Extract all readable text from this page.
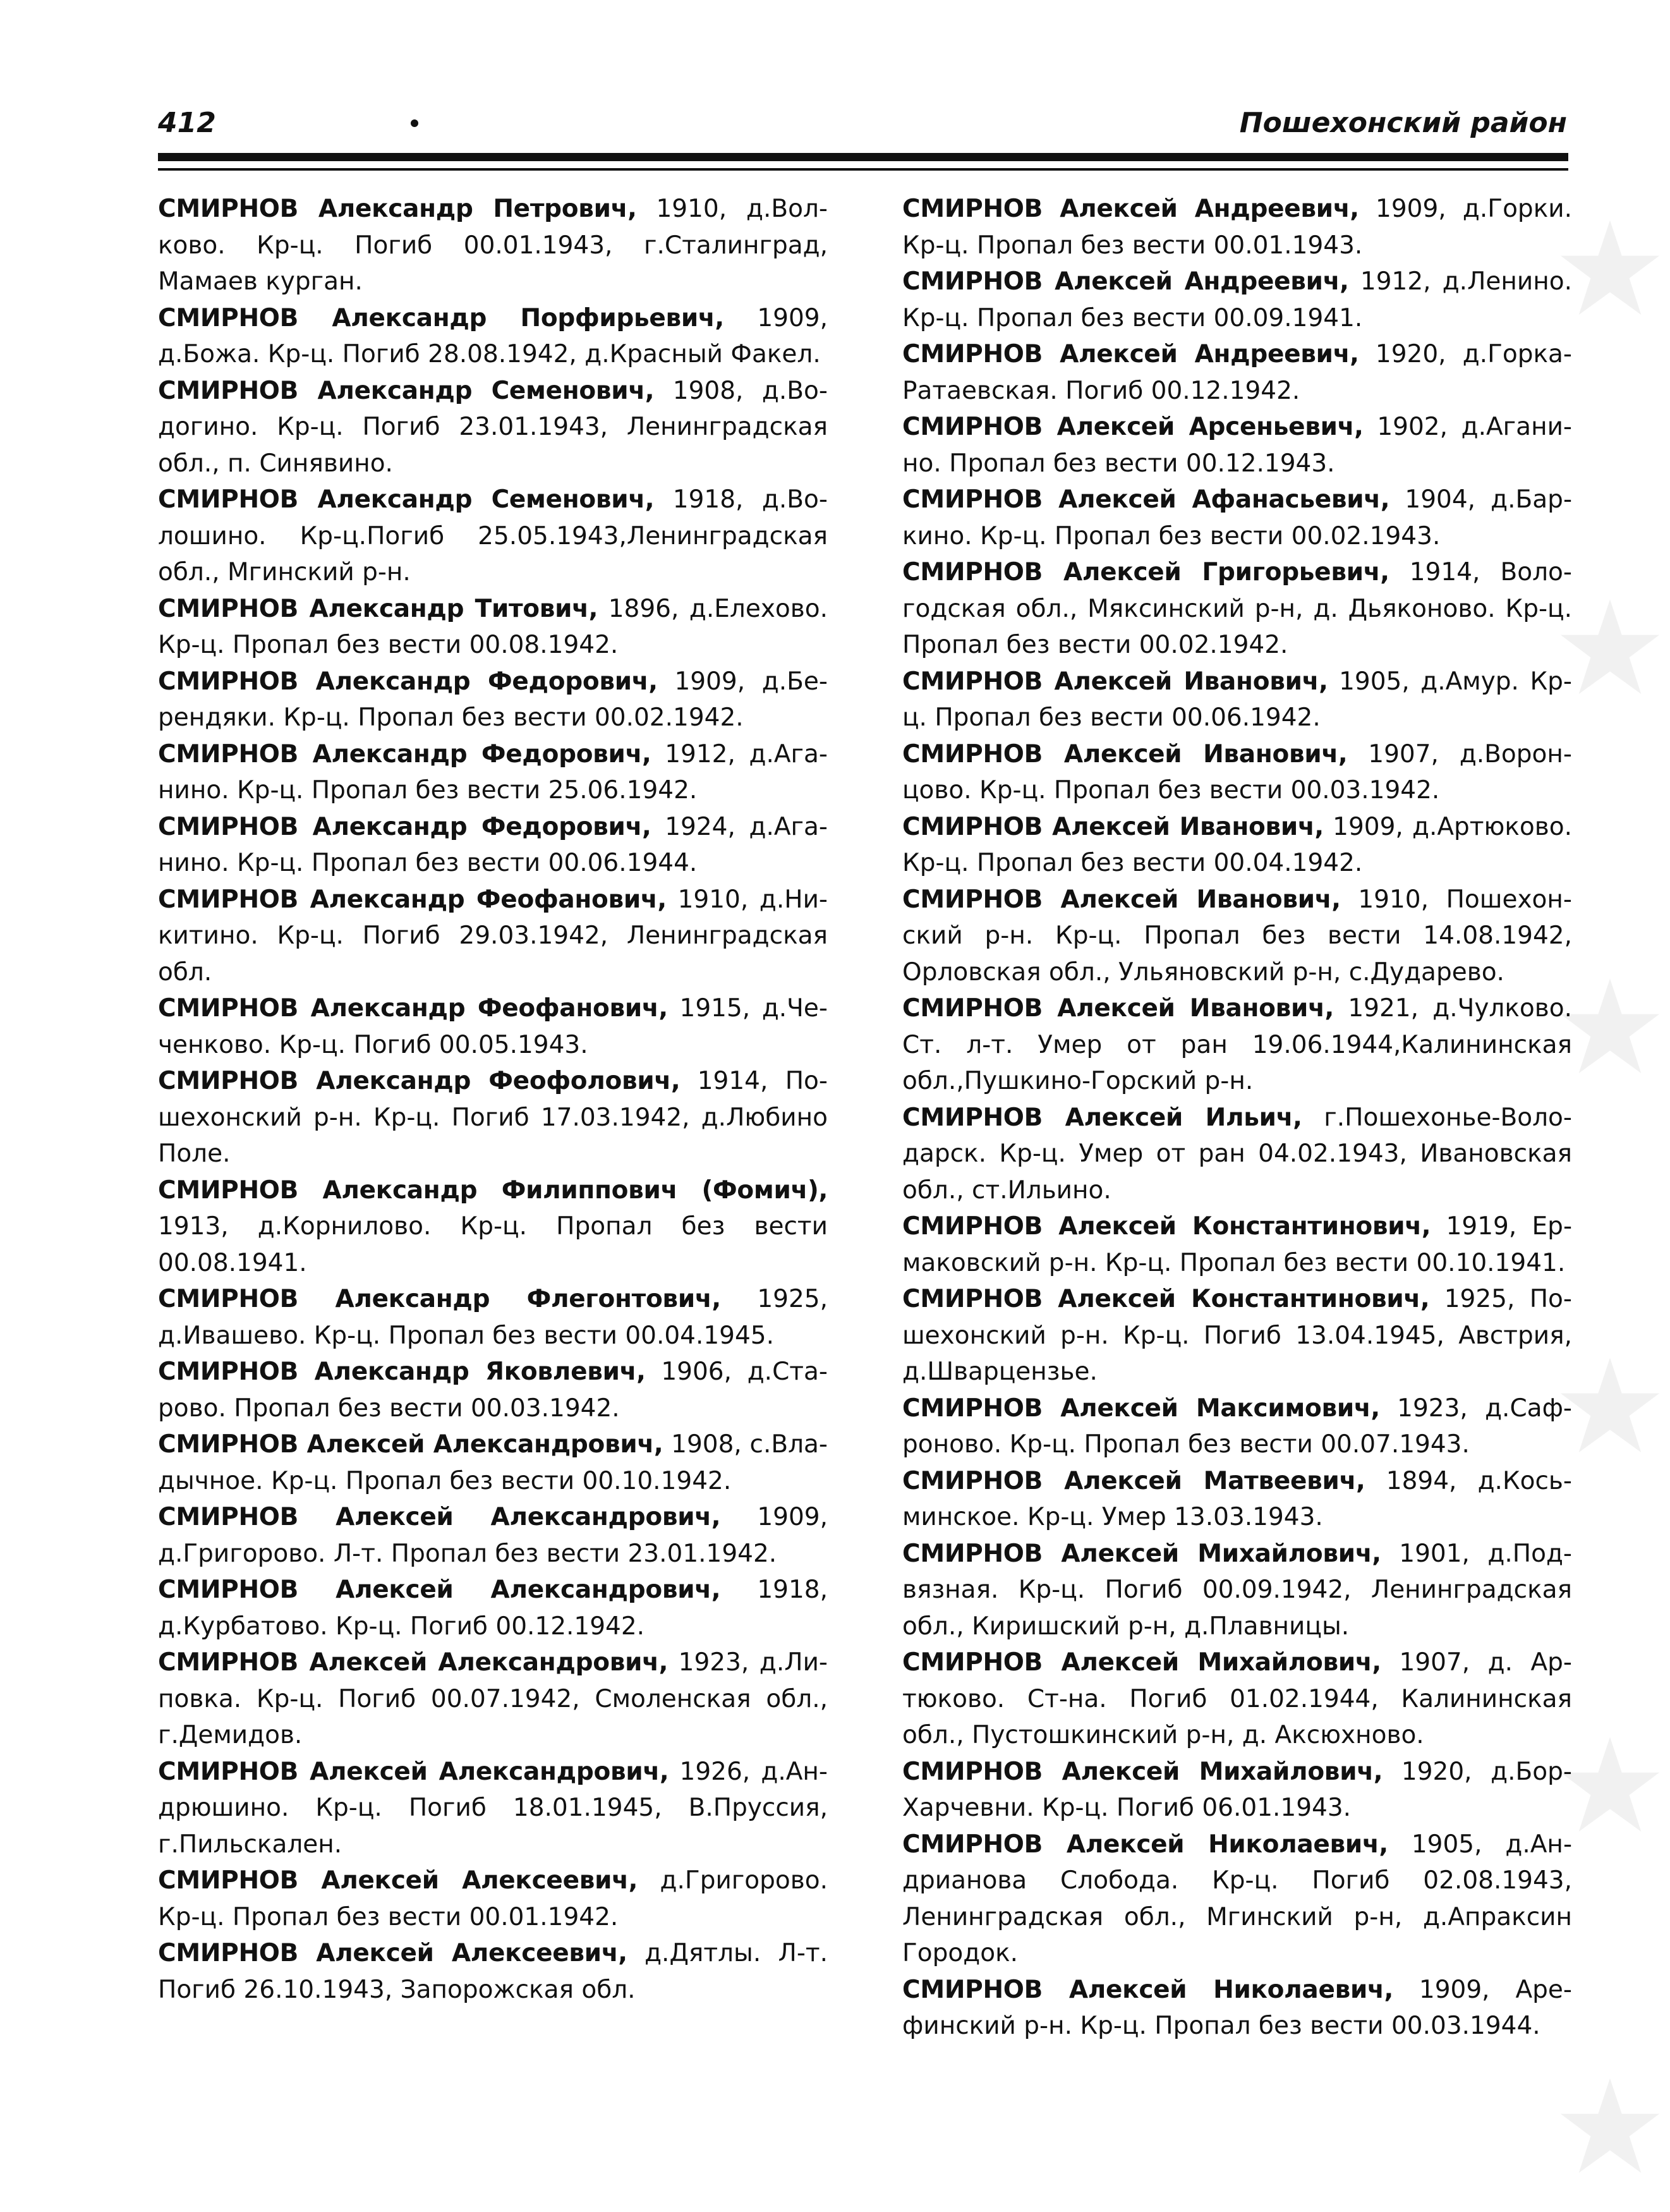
412	Пошехонский район

СМИРНОВ Александр Петрович, 1910, д.Волково. Кр-ц. Погиб 00.01.1943, г.Сталинград, Мамаев курган.

СМИРНОВ Александр Порфирьевич, 1909, д.Божа. Кр-ц. Погиб 28.08.1942, д.Красный Факел.

СМИРНОВ Александр Семенович, 1908, д.Водогино. Кр-ц. Погиб 23.01.1943, Ленинградская обл., п. Синявино.

СМИРНОВ Александр Семенович, 1918, д.Волошино. Кр-ц.Погиб 25.05.1943,Ленинградская обл., Мгинский р-н.

СМИРНОВ Александр Титович, 1896, д.Елехово. Кр-ц. Пропал без вести 00.08.1942.

СМИРНОВ Александр Федорович, 1909, д.Берендяки. Кр-ц. Пропал без вести 00.02.1942.

СМИРНОВ Александр Федорович, 1912, д.Аганино. Кр-ц. Пропал без вести 25.06.1942.

СМИРНОВ Александр Федорович, 1924, д.Аганино. Кр-ц. Пропал без вести 00.06.1944.

СМИРНОВ Александр Феофанович, 1910, д.Никитино. Кр-ц. Погиб 29.03.1942, Ленинградская обл.

СМИРНОВ Александр Феофанович, 1915, д.Чеченково. Кр-ц. Погиб 00.05.1943.

СМИРНОВ Александр Феофолович, 1914, Пошехонский р-н. Кр-ц. Погиб 17.03.1942, д.Любино Поле.

СМИРНОВ Александр Филиппович (Фомич), 1913, д.Корнилово. Кр-ц. Пропал без вести 00.08.1941.

СМИРНОВ Александр Флегонтович, 1925, д.Ивашево. Кр-ц. Пропал без вести 00.04.1945.

СМИРНОВ Александр Яковлевич, 1906, д.Старово. Пропал без вести 00.03.1942.

СМИРНОВ Алексей Александрович, 1908, с.Владычное. Кр-ц. Пропал без вести 00.10.1942.

СМИРНОВ Алексей Александрович, 1909, д.Григорово. Л-т. Пропал без вести 23.01.1942.

СМИРНОВ Алексей Александрович, 1918, д.Курбатово. Кр-ц. Погиб 00.12.1942.

СМИРНОВ Алексей Александрович, 1923, д.Липовка. Кр-ц. Погиб 00.07.1942, Смоленская обл., г.Демидов.

СМИРНОВ Алексей Александрович, 1926, д.Андрюшино. Кр-ц. Погиб 18.01.1945, В.Пруссия, г.Пильскален.

СМИРНОВ Алексей Алексеевич, д.Григорово. Кр-ц. Пропал без вести 00.01.1942.

СМИРНОВ Алексей Алексеевич, д.Дятлы. Л-т. Погиб 26.10.1943, Запорожская обл.

СМИРНОВ Алексей Андреевич, 1909, д.Горки. Кр-ц. Пропал без вести 00.01.1943.

СМИРНОВ Алексей Андреевич, 1912, д.Ленино. Кр-ц. Пропал без вести 00.09.1941.

СМИРНОВ Алексей Андреевич, 1920, д.Горка-Ратаевская. Погиб 00.12.1942.

СМИРНОВ Алексей Арсеньевич, 1902, д.Аганино. Пропал без вести 00.12.1943.

СМИРНОВ Алексей Афанасьевич, 1904, д.Баркино. Кр-ц. Пропал без вести 00.02.1943.

СМИРНОВ Алексей Григорьевич, 1914, Вологодская обл., Мяксинский р-н, д. Дьяконово. Кр-ц. Пропал без вести 00.02.1942.

СМИРНОВ Алексей Иванович, 1905, д.Амур. Кр-ц. Пропал без вести 00.06.1942.

СМИРНОВ Алексей Иванович, 1907, д.Воронцово. Кр-ц. Пропал без вести 00.03.1942.

СМИРНОВ Алексей Иванович, 1909, д.Артюково. Кр-ц. Пропал без вести 00.04.1942.

СМИРНОВ Алексей Иванович, 1910, Пошехонский р-н. Кр-ц. Пропал без вести 14.08.1942, Орловская обл., Ульяновский р-н, с.Дударево.

СМИРНОВ Алексей Иванович, 1921, д.Чулково. Ст. л-т. Умер от ран 19.06.1944,Калининская обл.,Пушкино-Горский р-н.

СМИРНОВ Алексей Ильич, г.Пошехонье-Володарск. Кр-ц. Умер от ран 04.02.1943, Ивановская обл., ст.Ильино.

СМИРНОВ Алексей Константинович, 1919, Ермаковский р-н. Кр-ц. Пропал без вести 00.10.1941.

СМИРНОВ Алексей Константинович, 1925, Пошехонский р-н. Кр-ц. Погиб 13.04.1945, Австрия, д.Шварцензье.

СМИРНОВ Алексей Максимович, 1923, д.Сафроново. Кр-ц. Пропал без вести 00.07.1943.

СМИРНОВ Алексей Матвеевич, 1894, д.Косьминское. Кр-ц. Умер 13.03.1943.

СМИРНОВ Алексей Михайлович, 1901, д.Подвязная. Кр-ц. Погиб 00.09.1942, Ленинградская обл., Киришский р-н, д.Плавницы.

СМИРНОВ Алексей Михайлович, 1907, д. Артюково. Ст-на. Погиб 01.02.1944, Калининская обл., Пустошкинский р-н, д. Аксюхново.

СМИРНОВ Алексей Михайлович, 1920, д.БорХарчевни. Кр-ц. Погиб 06.01.1943.

СМИРНОВ Алексей Николаевич, 1905, д.Андрианова Слобода. Кр-ц. Погиб 02.08.1943, Ленинградская обл., Мгинский р-н, д.Апраксин Городок.

СМИРНОВ Алексей Николаевич, 1909, Арефинский р-н. Кр-ц. Пропал без вести 00.03.1944.
